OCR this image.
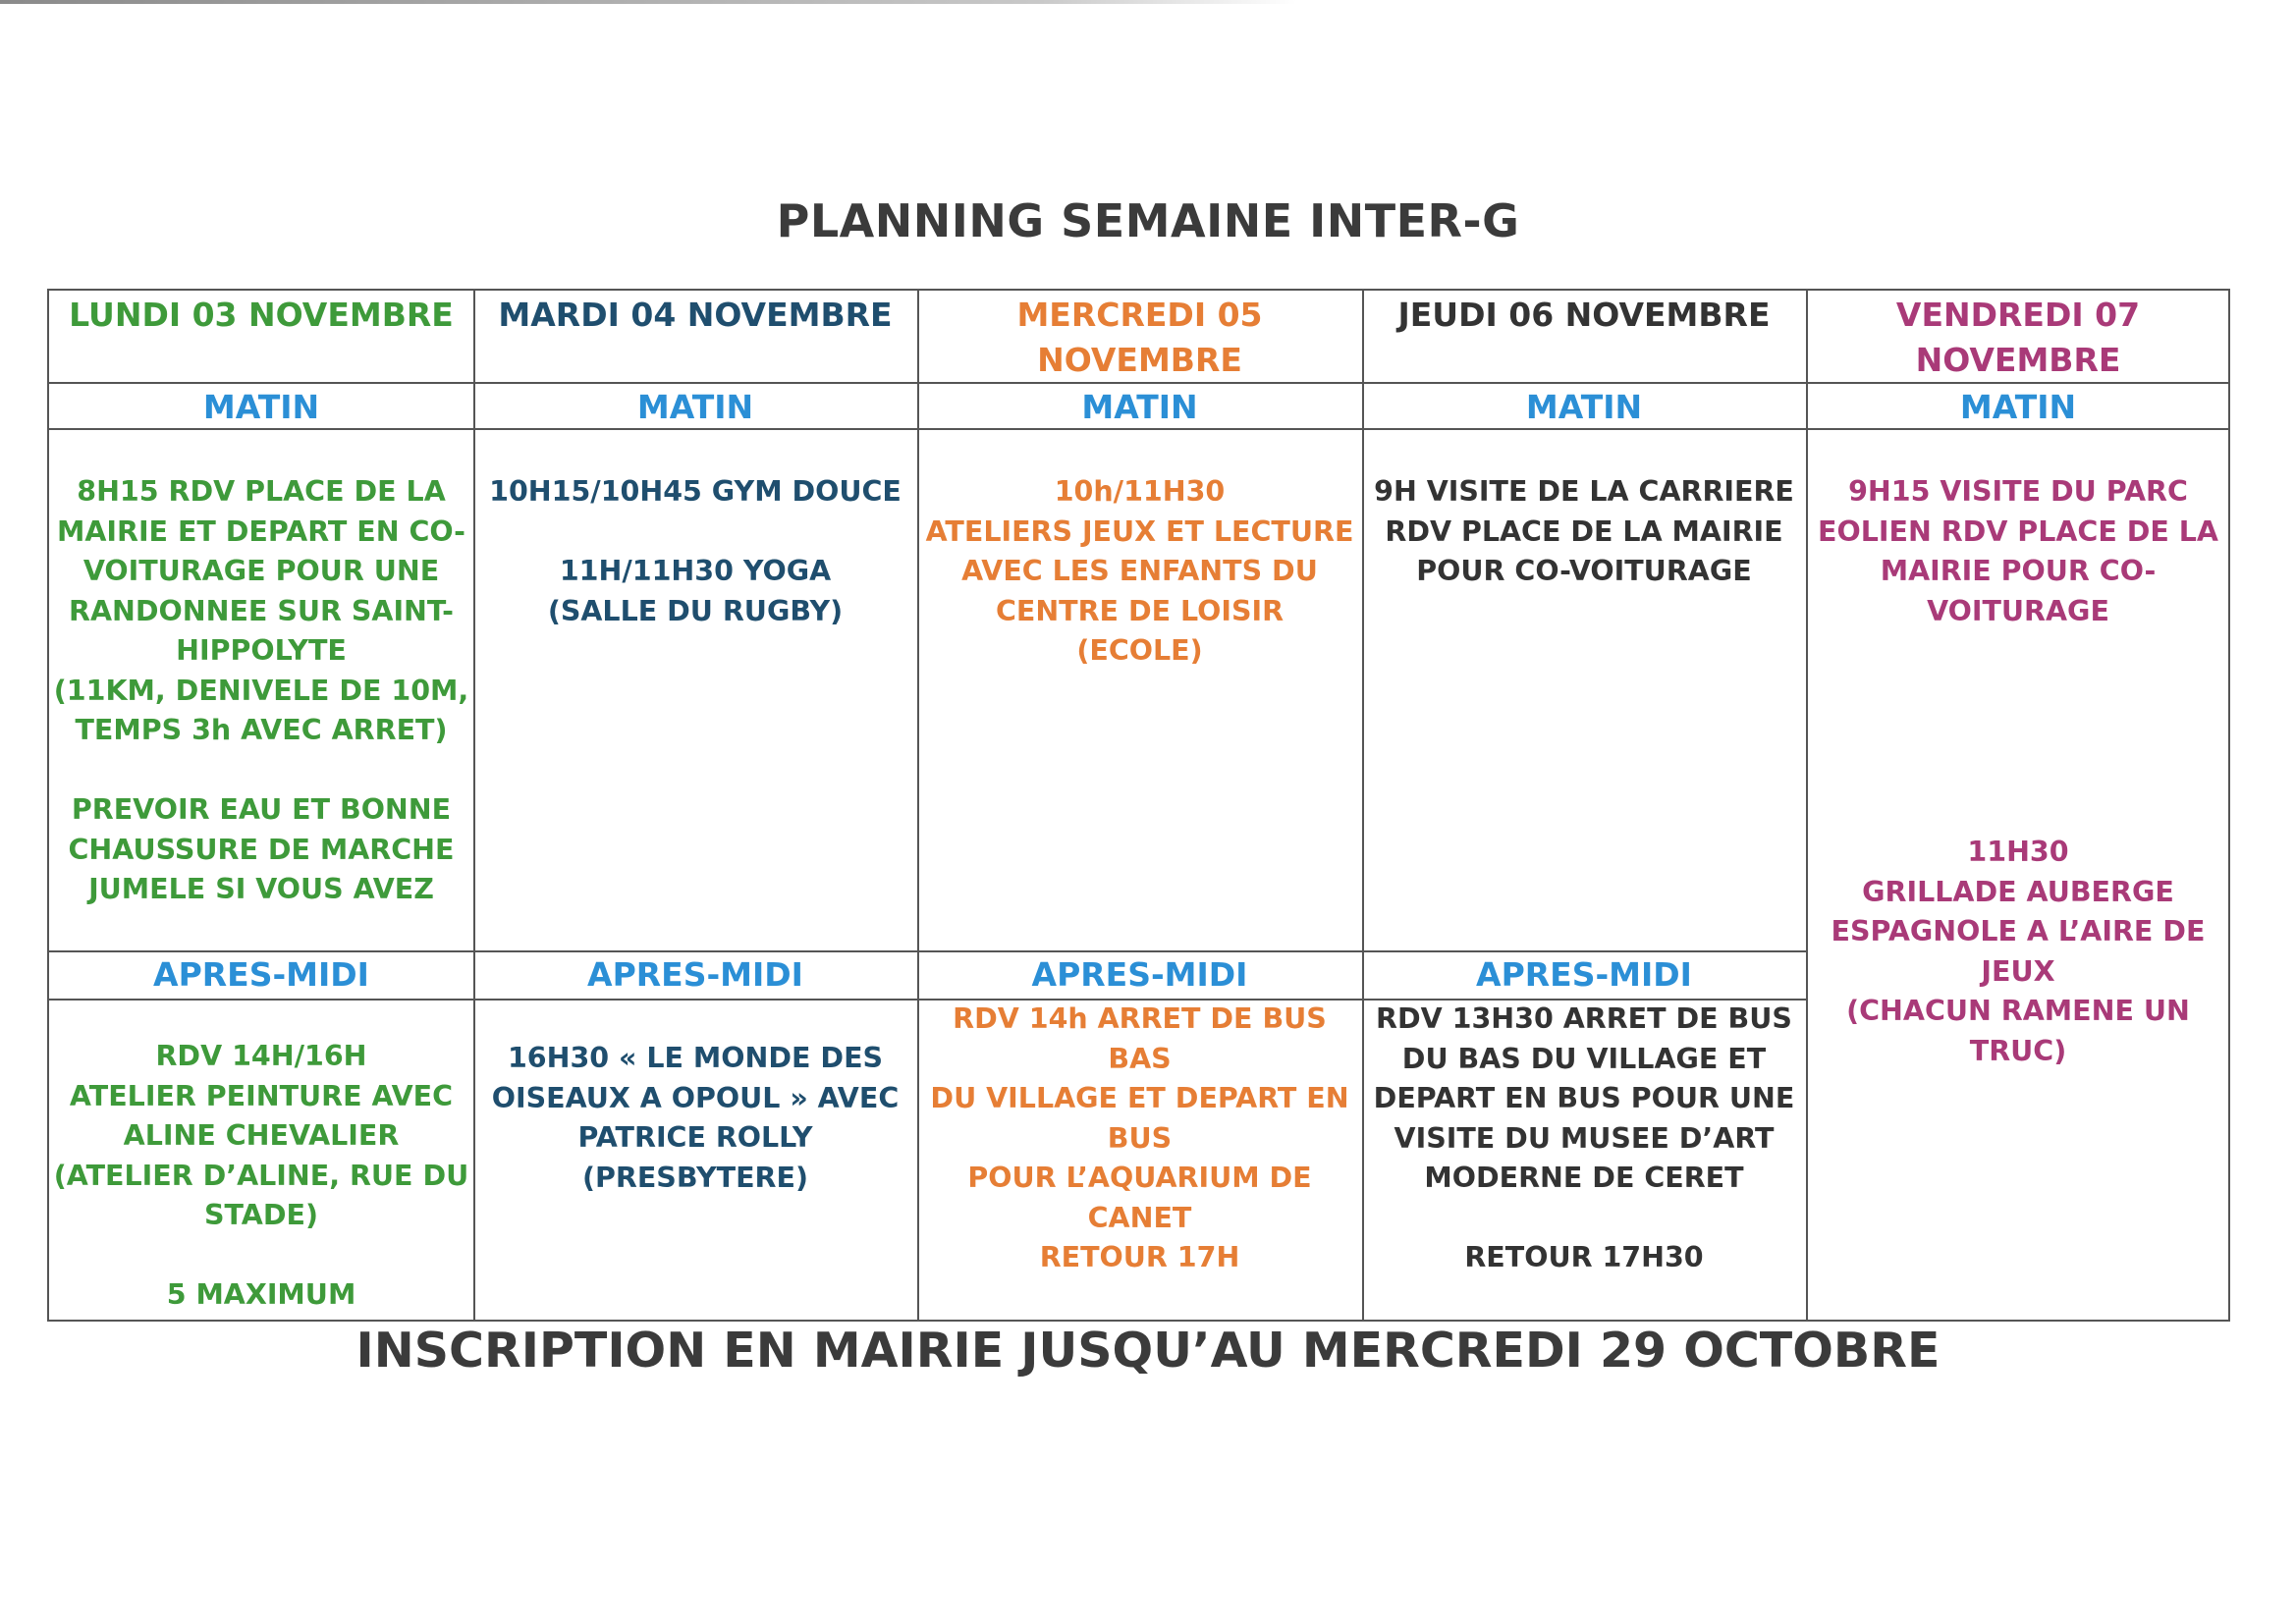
PLANNING SEMAINE INTER-G
LUNDI 03 NOVEMBRE
MATIN
8H15 RDV PLACE DE LA
MAIRIE ET DEPART EN CO-
VOITURAGE POUR UNE
RANDONNEE SUR SAINT-
HIPPOLYTE
(11KM, DENIVELE DE 10M,
TEMPS 3h AVEC ARRET)

PREVOIR EAU ET BONNE
CHAUSSURE DE MARCHE
JUMELE SI VOUS AVEZ
APRES-MIDI
RDV 14H/16H
ATELIER PEINTURE AVEC
ALINE CHEVALIER
(ATELIER D’ALINE, RUE DU
STADE)

5 MAXIMUM
MARDI 04 NOVEMBRE
MATIN
10H15/10H45 GYM DOUCE

11H/11H30 YOGA
(SALLE DU RUGBY)
APRES-MIDI
16H30 « LE MONDE DES
OISEAUX A OPOUL » AVEC
PATRICE ROLLY
(PRESBYTERE)
MERCREDI 05
NOVEMBRE
MATIN
10h/11H30
ATELIERS JEUX ET LECTURE
AVEC LES ENFANTS DU
CENTRE DE LOISIR
(ECOLE)
APRES-MIDI
RDV 14h ARRET DE BUS BAS
DU VILLAGE ET DEPART EN
BUS
POUR L’AQUARIUM DE
CANET
RETOUR 17H
JEUDI 06 NOVEMBRE
MATIN
9H VISITE DE LA CARRIERE
RDV PLACE DE LA MAIRIE
POUR CO-VOITURAGE
APRES-MIDI
RDV 13H30 ARRET DE BUS
DU BAS DU VILLAGE ET
DEPART EN BUS POUR UNE
VISITE DU MUSEE D’ART
MODERNE DE CERET

RETOUR 17H30
VENDREDI 07
NOVEMBRE
MATIN
9H15 VISITE DU PARC
EOLIEN RDV PLACE DE LA
MAIRIE POUR CO-
VOITURAGE
11H30
GRILLADE AUBERGE
ESPAGNOLE A L’AIRE DE
JEUX
(CHACUN RAMENE UN
TRUC)
INSCRIPTION EN MAIRIE JUSQU’AU MERCREDI 29 OCTOBRE
